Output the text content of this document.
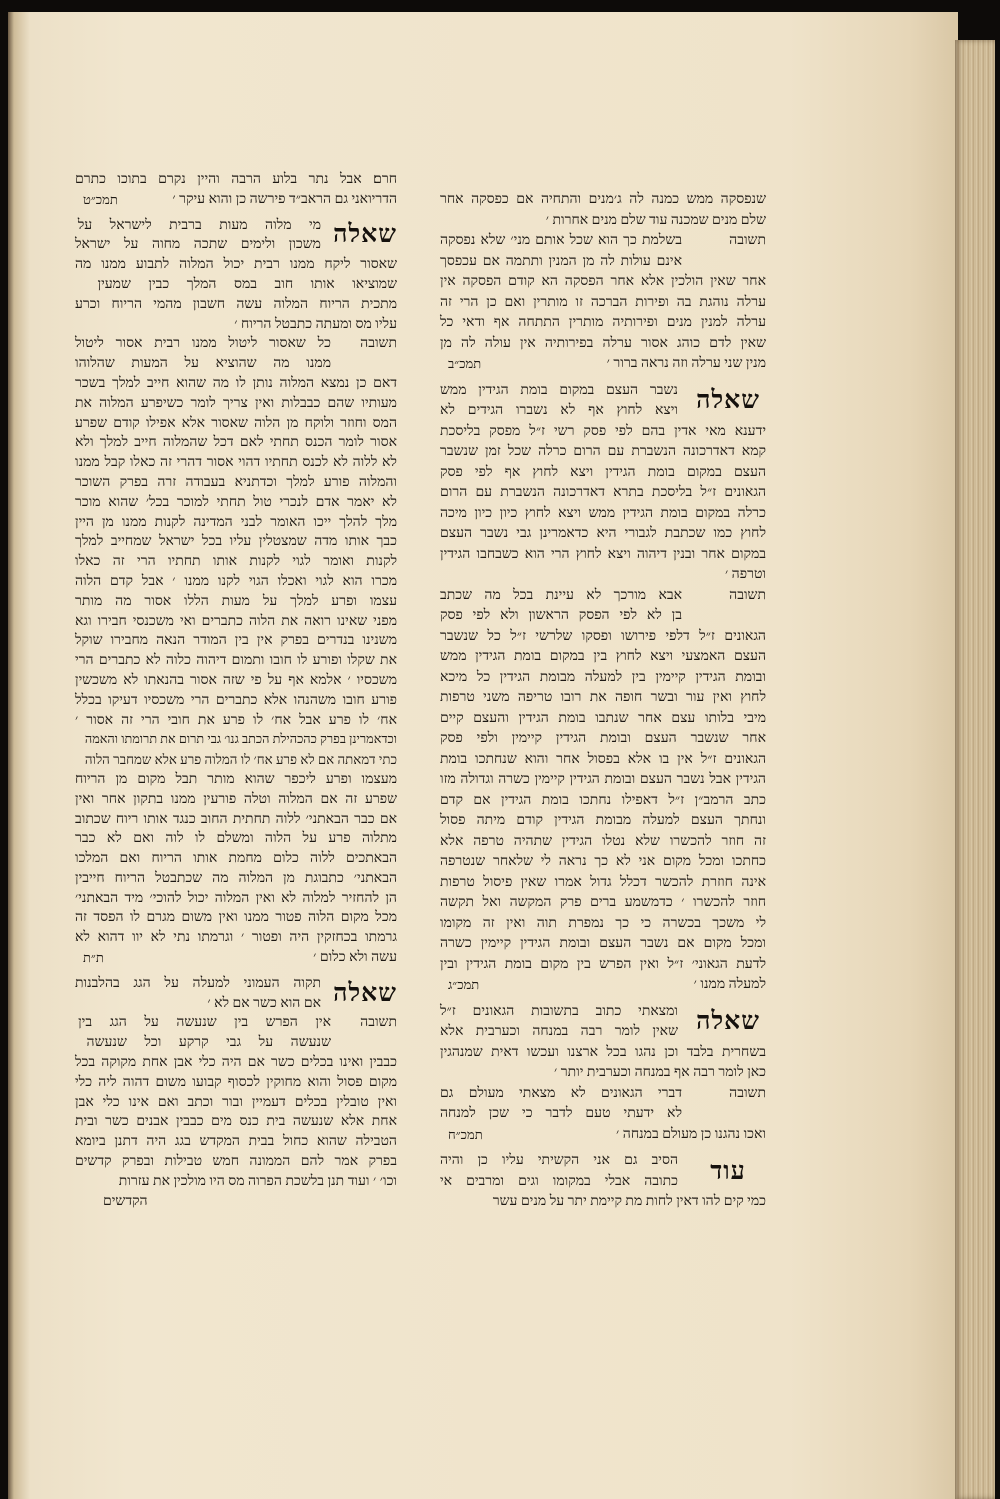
שנפסקה ממש כמנה לה ג׳מנים והתחיה אם כפסקה אחר
שלם מנים שמכנה עוד שלם מנים אחרות ׳
תשובה
בשלמת כך הוא שכל אותם מני׳ שלא נפסקה
אינם עולות לה מן המנין ותתמה אם עכפסך
אחר שאין הולכין אלא אחר הפסקה הא קודם הפסקה אין
ערלה נוהגת בה ופירות הברכה זו מותרין ואם כן הרי זה
ערלה למנין מנים ופירותיה מותרין התתחה אף ודאי כל
שאין לדם כוהג אסור ערלה בפירותיה אין עולה לה מן
מנין שני ערלה וזה נראה ברור ׳
תמכ״ב
שאלה
נשבר העצם במקום בומת הגידין ממש
ויצא לחוץ אף לא נשברו הגידים לא
ידענא מאי אדין בהם לפי פסק רשי ז״ל מפסק בליסכת
קמא דאדרכונה הנשברת עם הרום כרלה שכל זמן שנשבר
העצם במקום בומת הגידין ויצא לחוץ אף לפי פסק
הגאונים ז״ל בליסכת בתרא דאדרכונה הנשברת עם הרום
כרלה במקום בומת הגידין ממש ויצא לחוץ כיון כיון מיכה
לחוץ כמו שכתבת לגבורי היא כדאמרינן גבי נשבר העצם
במקום אחר ובנין דיהוה ויצא לחוץ הרי הוא כשבחבו הגידין
וטרפה ׳
תשובה
אבא מורכך לא עיינת בכל מה שכתב
בן לא לפי הפסק הראשון ולא לפי פסק
הגאונים ז״ל דלפי פירושו ופסקו שלרשי ז״ל כל שנשבר
העצם האמצעי ויצא לחוץ בין במקום בומת הגידין ממש
ובומת הגידין קיימין בין למעלה מבומת הגידין כל מיכא
לחוץ ואין עור ובשר חופה את רובו טריפה משני טרפות
מיבי בלותו עצם אחר שנתבו בומת הגידין והעצם קיים
אחר שנשבר העצם ובומת הגידין קיימין ולפי פסק
הגאונים ז״ל אין בו אלא בפסול אחר והוא שנחתכו בומת
הגידין אבל נשבר העצם ובומת הגידין קיימין כשרה וגדולה מזו
כתב הרמב״ן ז״ל דאפילו נחתכו בומת הגידין אם קדם
ונחתך העצם למעלה מבומת הגידין קודם מיתה פסול
זה חוזר להכשרו שלא נטלו הגידין שתהיה טרפה אלא
כחתכו ומכל מקום אני לא כך נראה לי שלאחר שנטרפה
אינה חוזרת להכשר דכלל גדול אמרו שאין פיסול טרפות
חוזר להכשרו ׳ כדמשמע ברים פרק המקשה ואל תקשה
לי משכך בכשרה כי כך נמפרת תוה ואין זה מקומו
ומכל מקום אם נשבר העצם ובומת הגידין קיימין כשרה
לדעת הגאוני׳ ז״ל ואין הפרש בין מקום בומת הגידין ובין
למעלה ממנו ׳
תמכ״ג
שאלה
ומצאתי כתוב בתשובות הגאונים ז״ל
שאין לומר רבה במנחה וכערבית אלא
בשחרית בלבד וכן נהגו בכל ארצנו ועכשו דאית שמנהגין
כאן לומר רבה אף במנחה וכערבית יותר ׳
תשובה
דברי הגאונים לא מצאתי מעולם גם
לא ידעתי טעם לדבר כי שכן למנחה
ואכו נהגנו כן מעולם במנחה ׳
תמכ״ח
עוד
הסיב גם אני הקשיתי עליו כן והיה
כתובה אבלי במקומו וגים ומרבים אי
כמי קים להו דאין לחות מת קיימת יתר על מנים עשר
חרם׃ אבל נתר בלוע הרבה והיין נקרם בתוכו כתרם
הדריואני גם הראב״ד פירשה כן והוא עיקר ׳
תמכ״ט
שאלה
מי מלוה מעות ברבית לישראל על
משכון ולימים שתכה מחוה על ישראל
שאסור ליקח ממנו רבית יכול המלוה לתבוע ממנו מה
שמוציאו אותו חוב במס המלך כבין שמעין
מתכית הריוח המלוה עשה חשבון מהמי הריוח וכרע
עליו מס ומעתה כתבטל הריוח ׳
תשובה
כל שאסור ליטול ממנו רבית אסור ליטול
ממנו מה שהוציא על המעות שהלוהו
דאם כן נמצא המלוה נותן לו מה שהוא חייב למלך בשכר
מעותיו שהם כבבלות ואין צריך לומר כשיפרע המלוה את
המס וחוזר ולוקח מן הלוה שאסור אלא אפילו קודם שפרע
אסור לומר הכנס תחתי לאם דכל שהמלוה חייב למלך ולא
לא ללוה לא לכנס תחתיו דהוי אסור דהרי זה כאלו קבל ממנו
והמלוה פורע למלך וכדתניא בעבודה זרה בפרק השוכר
לא יאמר אדם לנכרי טול תחתי למוכר בכל׳ שהוא מוכר
מלך להלך ייכו האומר לבני המדינה לקנות ממנו מן היין
כבך אותו מדה שמצטלין עליו בכל ישראל שמחייב למלך
לקנות ואומר לגוי לקנות אותו תחתיו הרי זה כאלו
מכרו הוא לגוי ואכלו הגוי לקנו ממנו ׳ אבל קדם הלוה
עצמו ופרע למלך על מעות הללו אסור מה מותר
מפני שאינו רואה את הלוה כתברים ואי משכנסי חבירו וגא
משנינו בנדרים בפרק אין בין המודר הנאה מחבירו שוקל
את שקלו ופורע לו חובו ותמום דיהוה כלוה לא כתברים הרי
משכסיו ׳ אלמא אף על פי שזה אסור בהנאתו לא משכשין
פורע חובו משהנהו אלא כתברים הרי משכסיו דעיקו בכלל
אח׳ לו פרע אבל אח׳ לו פרע את חובי הרי זה אסור ׳
וכדאמרינן בפרק כהכהילת הכתב גנו׳ גבי תרום את תרומתו והאמה
כתי דמאתה אם לא פרע אח׳ לו המלוה פרע אלא שמחבר הלוה
מעצמו ופרע ליכפר שהוא מותר תבל מקום מן הריוח
שפרע זה אם המלוה וטלה פורעין ממנו בתקון אחר ואין
אם כבר הבאתני׳ ללוה תחתית החוב כנגד אותו ריוח שכתוב
מתלוה פרע על הלוה ומשלם לו לוה ואם לא כבר
הבאתכים ללוה כלום מחמת אותו הריוח ואם המלכו
הבאתני׳ כתבוגת מן המלוה מה שכתבטל הריוח חייבין
הן להחזיר למלוה לא ואין המלוה יכול להוכי׳ מיד הבאתני׳
מכל מקום הלוה פטור ממנו ואין משום מגרם לו הפסד זה
גרמתו בכחזקין היה ופטור ׳ וגרמתו נתי לא יוו דהוא לא
עשה ולא כלום ׳
ת״ת
שאלה
תקוה העמוני למעלה על הגג בהלבנות
אם הוא כשר אם לא ׳
תשובה
אין הפרש בין שנעשה על הגג בין
שנעשה על גבי קרקע וכל שנעשה
כבבין ואינו בכלים כשר אם היה כלי אבן אחת מקוקה בכל
מקום פסול והוא מחוקין לכסוף קבועו משום דהוה ליה כלי
ואין טובלין בכלים דעמיין ובור וכתב ואם אינו כלי אבן
אחת אלא שנעשה בית כנס מים כבבין אבנים כשר ובית
הטבילה שהוא כחול בבית המקדש בגג היה דתנן ביומא
בפרק אמר להם הממונה חמש טבילות ובפרק קדשים
וכו׳ ׳ ועוד תנן בלשכת הפרוה מס היו מולכין את עזרות
הקדשים
